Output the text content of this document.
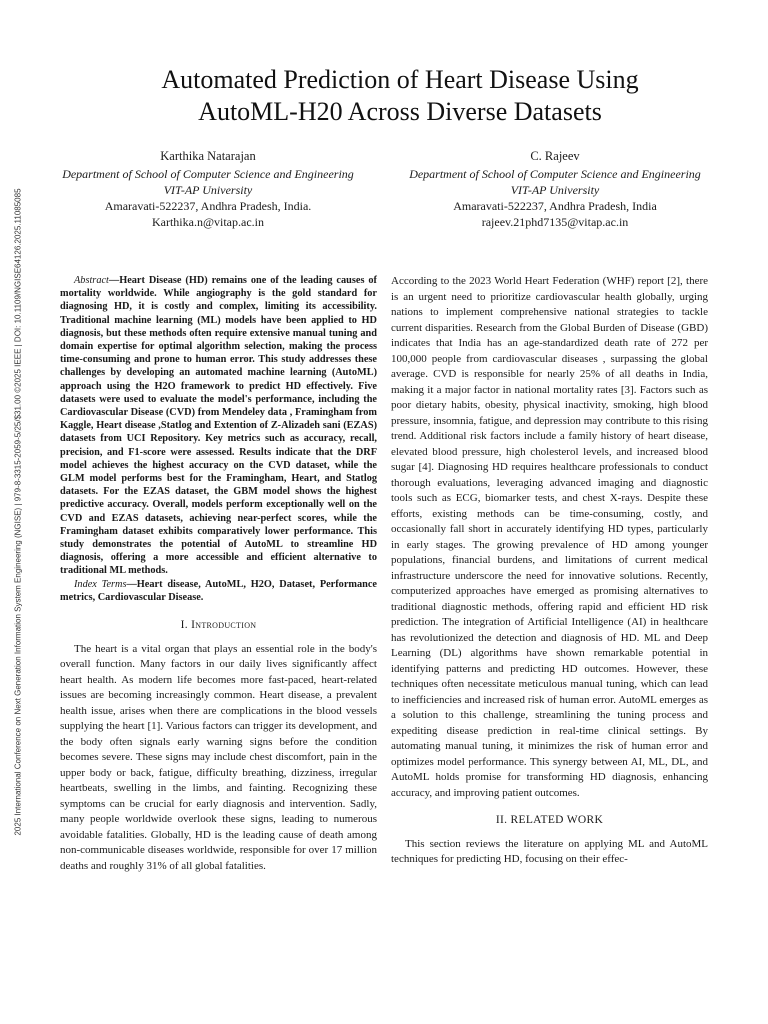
2025 International Conference on Next Generation Information System Engineering (NGISE) | 979-8-3315-2059-5/25/$31.00 ©2025 IEEE | DOI: 10.1109/NGISE64126.2025.11085085
Automated Prediction of Heart Disease Using
AutoML-H20 Across Diverse Datasets
Karthika Natarajan
Department of School of Computer Science and Engineering
VIT-AP University
Amaravati-522237, Andhra Pradesh, India.
Karthika.n@vitap.ac.in
C. Rajeev
Department of School of Computer Science and Engineering
VIT-AP University
Amaravati-522237, Andhra Pradesh, India
rajeev.21phd7135@vitap.ac.in

Abstract—Heart Disease (HD) remains one of the leading causes of mortality worldwide. While angiography is the gold standard for diagnosing HD, it is costly and complex, limiting its accessibility. Traditional machine learning (ML) models have been applied to HD diagnosis, but these methods often require extensive manual tuning and domain expertise for optimal algorithm selection, making the process time-consuming and prone to human error. This study addresses these challenges by developing an automated machine learning (AutoML) approach using the H2O framework to predict HD effectively. Five datasets were used to evaluate the model's performance, including the Cardiovascular Disease (CVD) from Mendeley data , Framingham from Kaggle, Heart disease ,Statlog and Extention of Z-Alizadeh sani (EZAS) datasets from UCI Repository. Key metrics such as accuracy, recall, precision, and F1-score were assessed. Results indicate that the DRF model achieves the highest accuracy on the CVD dataset, while the GLM model performs best for the Framingham, Heart, and Statlog datasets. For the EZAS dataset, the GBM model shows the highest predictive accuracy. Overall, models perform exceptionally well on the CVD and EZAS datasets, achieving near-perfect scores, while the Framingham dataset exhibits comparatively lower performance. This study demonstrates the potential of AutoML to streamline HD diagnosis, offering a more accessible and efficient alternative to traditional ML methods.

Index Terms—Heart disease, AutoML, H2O, Dataset, Performance metrics, Cardiovascular Disease.

I. Introduction

The heart is a vital organ that plays an essential role in the body's overall function. Many factors in our daily lives significantly affect heart health. As modern life becomes more fast-paced, heart-related issues are becoming increasingly common. Heart disease, a prevalent health issue, arises when there are complications in the blood vessels supplying the heart [1]. Various factors can trigger its development, and the body often signals early warning signs before the condition becomes severe. These signs may include chest discomfort, pain in the upper body or back, fatigue, difficulty breathing, dizziness, irregular heartbeats, swelling in the limbs, and fainting. Recognizing these symptoms can be crucial for early diagnosis and intervention. Sadly, many people worldwide overlook these signs, leading to numerous avoidable fatalities. Globally, HD is the leading cause of death among non-communicable diseases worldwide, responsible for over 17 million deaths and roughly 31% of all global fatalities.

According to the 2023 World Heart Federation (WHF) report [2], there is an urgent need to prioritize cardiovascular health globally, urging nations to implement comprehensive national strategies to tackle current disparities. Research from the Global Burden of Disease (GBD) indicates that India has an age-standardized death rate of 272 per 100,000 people from cardiovascular diseases , surpassing the global average. CVD is responsible for nearly 25% of all deaths in India, making it a major factor in national mortality rates [3]. Factors such as poor dietary habits, obesity, physical inactivity, smoking, high blood pressure, insomnia, fatigue, and depression may contribute to this rising trend. Additional risk factors include a family history of heart disease, elevated blood pressure, high cholesterol levels, and increased blood sugar [4]. Diagnosing HD requires healthcare professionals to conduct thorough evaluations, leveraging advanced imaging and diagnostic tools such as ECG, biomarker tests, and chest X-rays. Despite these efforts, existing methods can be time-consuming, costly, and occasionally fall short in accurately identifying HD types, particularly in early stages. The growing prevalence of HD among younger populations, financial burdens, and limitations of current medical infrastructure underscore the need for innovative solutions. Recently, computerized approaches have emerged as promising alternatives to traditional diagnostic methods, offering rapid and efficient HD risk prediction. The integration of Artificial Intelligence (AI) in healthcare has revolutionized the detection and diagnosis of HD. ML and Deep Learning (DL) algorithms have shown remarkable potential in identifying patterns and predicting HD outcomes. However, these techniques often necessitate meticulous manual tuning, which can lead to inefficiencies and increased risk of human error. AutoML emerges as a solution to this challenge, streamlining the tuning process and expediting disease prediction in real-time clinical settings. By automating manual tuning, it minimizes the risk of human error and optimizes model performance. This synergy between AI, ML, DL, and AutoML holds promise for transforming HD diagnosis, enhancing accuracy, and improving patient outcomes.

II. RELATED WORK

This section reviews the literature on applying ML and AutoML techniques for predicting HD, focusing on their effec-
